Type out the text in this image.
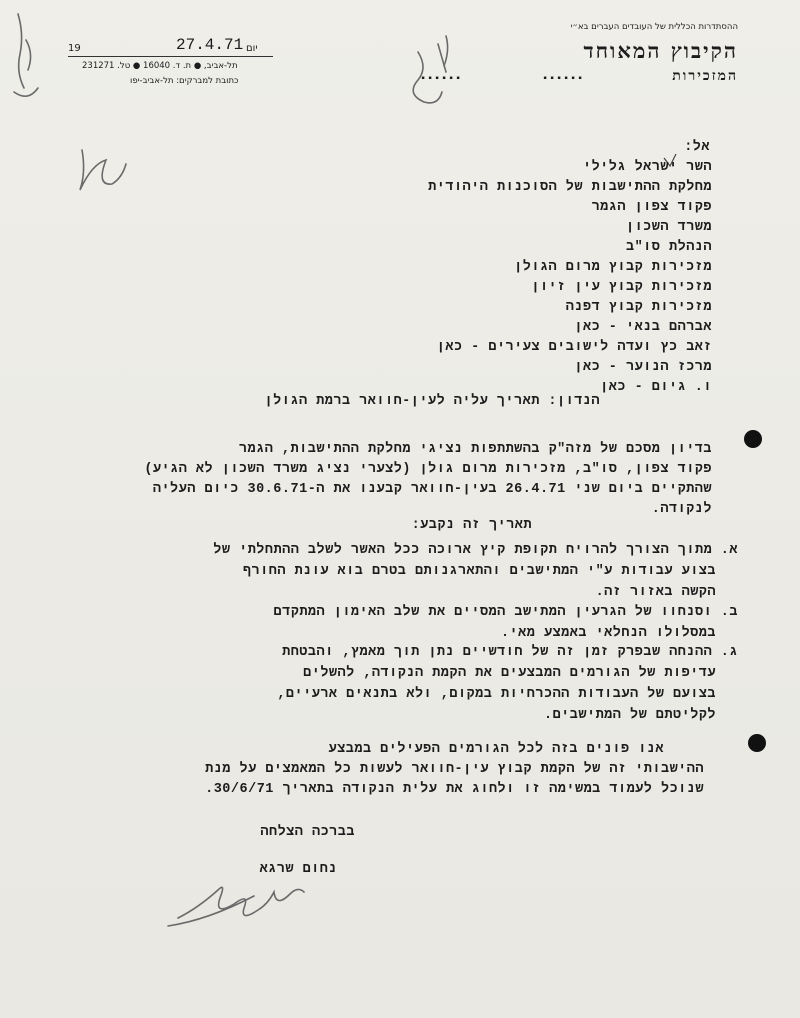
ההסתדרות הכללית של העובדים העברים בא״י
הקיבוץ המאוחד
המזכירות
▪▪▪▪▪▪
▪▪▪▪▪▪
19	27.4.71 יום
תל-אביב, ● ת. ד. 16040 ● טל. 231271
כתובת למברקים: תל-אביב-יפו
אל:
השר ישראל גלילי
מחלקת ההתישבות של הסוכנות היהודית
פקוד צפון הגמר
משרד השכון
הנהלת סו"ב
מזכירות קבוץ מרום הגולן
מזכירות קבוץ עין זיון
מזכירות קבוץ דפנה
אברהם בנאי - כאן
זאב כץ ועדה לישובים צעירים - כאן
מרכז הנוער - כאן
ו. גיום - כאן
הנדון: תאריך עליה לעין-חוואר ברמת הגולן
בדיון מסכם של מזה"ק בהשתתפות נציגי מחלקת ההתישבות, הגמר
פקוד צפון, סו"ב, מזכירות מרום גולן (לצערי נציג משרד השכון לא הגיע)
שהתקיים ביום שני 26.4.71 בעין-חוואר קבענו את ה-30.6.71 כיום העליה
לנקודה.
תאריך זה נקבע:
א. מתוך הצורך להרויח תקופת קיץ ארוכה ככל האשר לשלב ההתחלתי של
בצוע עבודות ע"י המתישבים והתארגנותם בטרם בוא עונת החורף
הקשה באזור זה.
ב. וסנחוו של הגרעין המתישב המסיים את שלב האימון המתקדם
במסלולו הנחלאי באמצע מאי.
ג. ההנחה שבפרק זמן זה של חודשיים נתן תוך מאמץ, והבטחת
עדיפות של הגורמים המבצעים את הקמת הנקודה, להשלים
בצועם של העבודות ההכרחיות במקום, ולא בתנאים ארעיים,
לקליטתם של המתישבים.
אנו פונים בזה לכל הגורמים הפעילים במבצע
ההישבותי זה של הקמת קבוץ עין-חוואר לעשות כל המאמצים על מנת
שנוכל לעמוד במשימה זו ולחוג את עלית הנקודה בתאריך 30/6/71.
בברכה הצלחה
נחום שרגא
